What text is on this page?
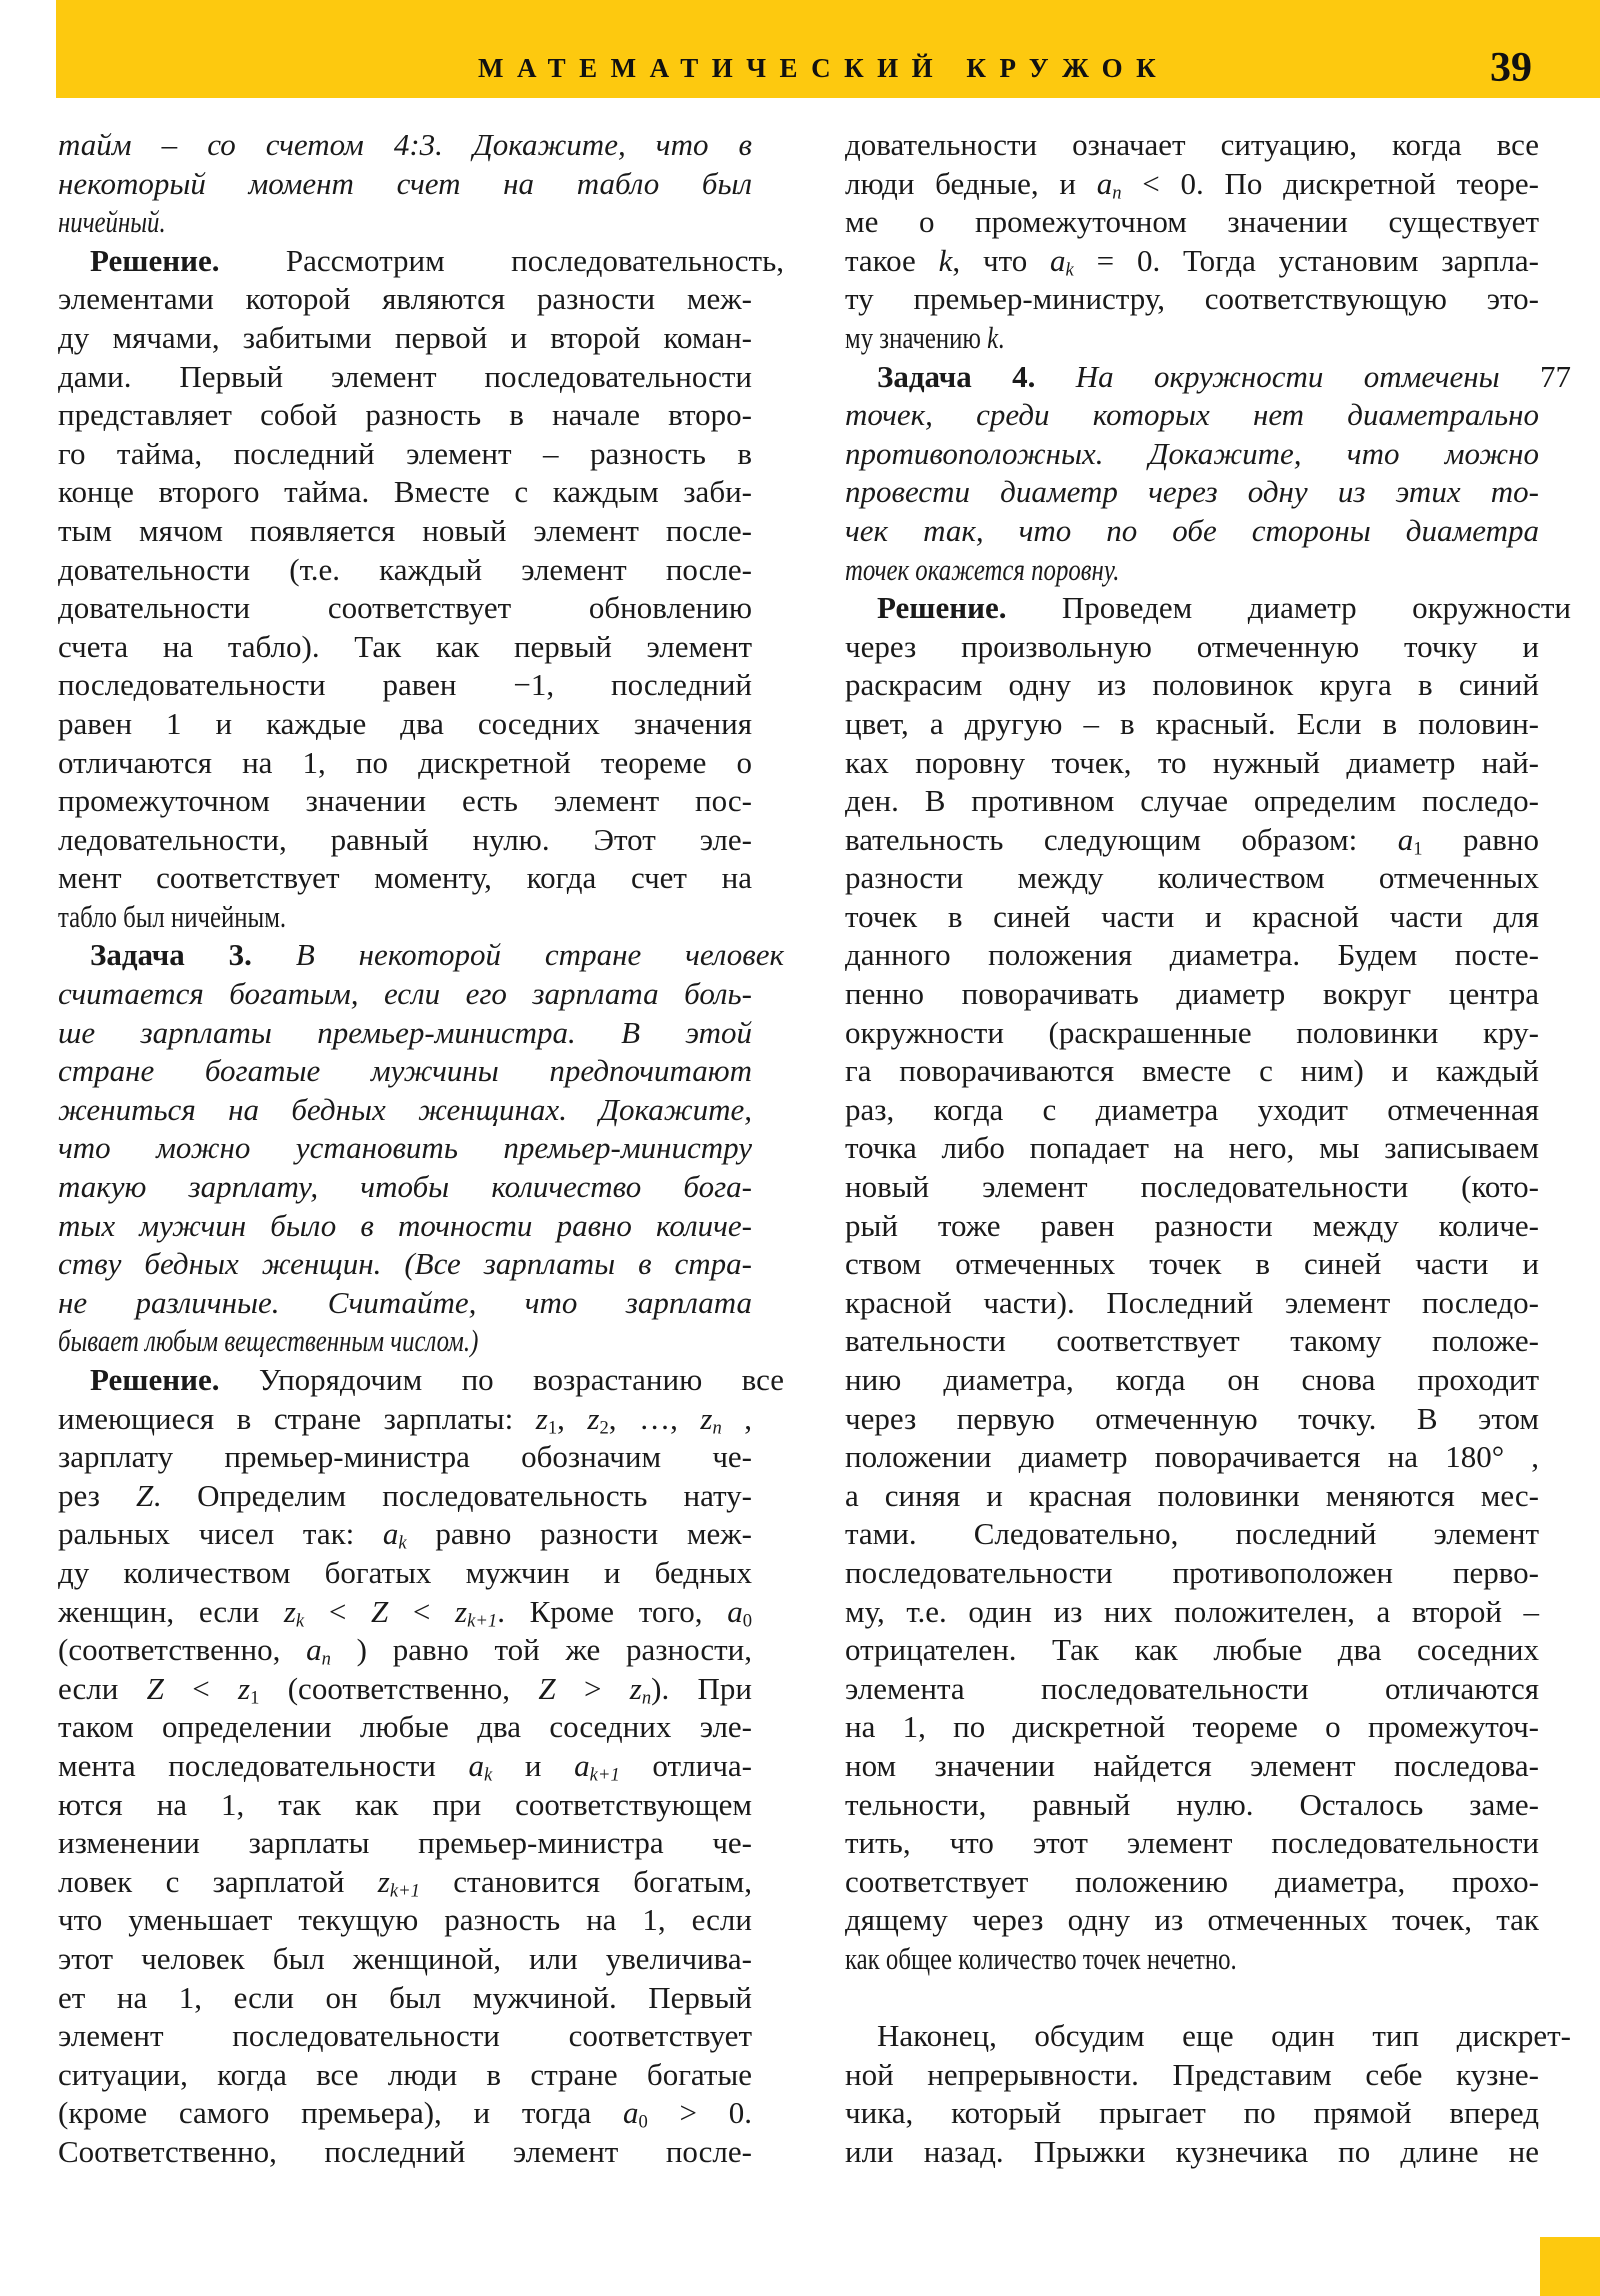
МАТЕМАТИЧЕСКИЙ КРУЖОК	39
тайм – со счетом 4:3. Докажите, что в
некоторый момент счет на табло был
ничейный.
Решение. Рассмотрим последовательность,
элементами которой являются разности меж-
ду мячами, забитыми первой и второй коман-
дами. Первый элемент последовательности
представляет собой разность в начале второ-
го тайма, последний элемент – разность в
конце второго тайма. Вместе с каждым заби-
тым мячом появляется новый элемент после-
довательности (т.е. каждый элемент после-
довательности соответствует обновлению
счета на табло). Так как первый элемент
последовательности равен −1, последний
равен 1 и каждые два соседних значения
отличаются на 1, по дискретной теореме о
промежуточном значении есть элемент пос-
ледовательности, равный нулю. Этот эле-
мент соответствует моменту, когда счет на
табло был ничейным.
Задача 3. В некоторой стране человек
считается богатым, если его зарплата боль-
ше зарплаты премьер-министра. В этой
стране богатые мужчины предпочитают
жениться на бедных женщинах. Докажите,
что можно установить премьер-министру
такую зарплату, чтобы количество бога-
тых мужчин было в точности равно количе-
ству бедных женщин. (Все зарплаты в стра-
не различные. Считайте, что зарплата
бывает любым вещественным числом.)
Решение. Упорядочим по возрастанию все
имеющиеся в стране зарплаты: $z_1$, $z_2$, …, $z_n$ ,
зарплату премьер-министра обозначим че-
рез Z. Определим последовательность нату-
ральных чисел так: $a_k$ равно разности меж-
ду количеством богатых мужчин и бедных
женщин, если $z_k < Z < z_{k+1}$. Кроме того, $a_0$
(соответственно, $a_n$ ) равно той же разности,
если $Z < z_1$ (соответственно, $Z > z_n$). При
таком определении любые два соседних эле-
мента последовательности $a_k$ и $a_{k+1}$ отлича-
ются на 1, так как при соответствующем
изменении зарплаты премьер-министра че-
ловек с зарплатой $z_{k+1}$ становится богатым,
что уменьшает текущую разность на 1, если
этот человек был женщиной, или увеличива-
ет на 1, если он был мужчиной. Первый
элемент последовательности соответствует
ситуации, когда все люди в стране богатые
(кроме самого премьера), и тогда $a_0 > 0$.
Соответственно, последний элемент после-
довательности означает ситуацию, когда все
люди бедные, и $a_n < 0$. По дискретной теоре-
ме о промежуточном значении существует
такое k, что $a_k = 0$. Тогда установим зарпла-
ту премьер-министру, соответствующую это-
му значению k.
Задача 4. На окружности отмечены 77
точек, среди которых нет диаметрально
противоположных. Докажите, что можно
провести диаметр через одну из этих то-
чек так, что по обе стороны диаметра
точек окажется поровну.
Решение. Проведем диаметр окружности
через произвольную отмеченную точку и
раскрасим одну из половинок круга в синий
цвет, а другую – в красный. Если в половин-
ках поровну точек, то нужный диаметр най-
ден. В противном случае определим последо-
вательность следующим образом: $a_1$ равно
разности между количеством отмеченных
точек в синей части и красной части для
данного положения диаметра. Будем посте-
пенно поворачивать диаметр вокруг центра
окружности (раскрашенные половинки кру-
га поворачиваются вместе с ним) и каждый
раз, когда с диаметра уходит отмеченная
точка либо попадает на него, мы записываем
новый элемент последовательности (кото-
рый тоже равен разности между количе-
ством отмеченных точек в синей части и
красной части). Последний элемент последо-
вательности соответствует такому положе-
нию диаметра, когда он снова проходит
через первую отмеченную точку. В этом
положении диаметр поворачивается на 180° ,
а синяя и красная половинки меняются мес-
тами. Следовательно, последний элемент
последовательности противоположен перво-
му, т.е. один из них положителен, а второй –
отрицателен. Так как любые два соседних
элемента последовательности отличаются
на 1, по дискретной теореме о промежуточ-
ном значении найдется элемент последова-
тельности, равный нулю. Осталось заме-
тить, что этот элемент последовательности
соответствует положению диаметра, прохо-
дящему через одну из отмеченных точек, так
как общее количество точек нечетно.
Наконец, обсудим еще один тип дискрет-
ной непрерывности. Представим себе кузне-
чика, который прыгает по прямой вперед
или назад. Прыжки кузнечика по длине не
